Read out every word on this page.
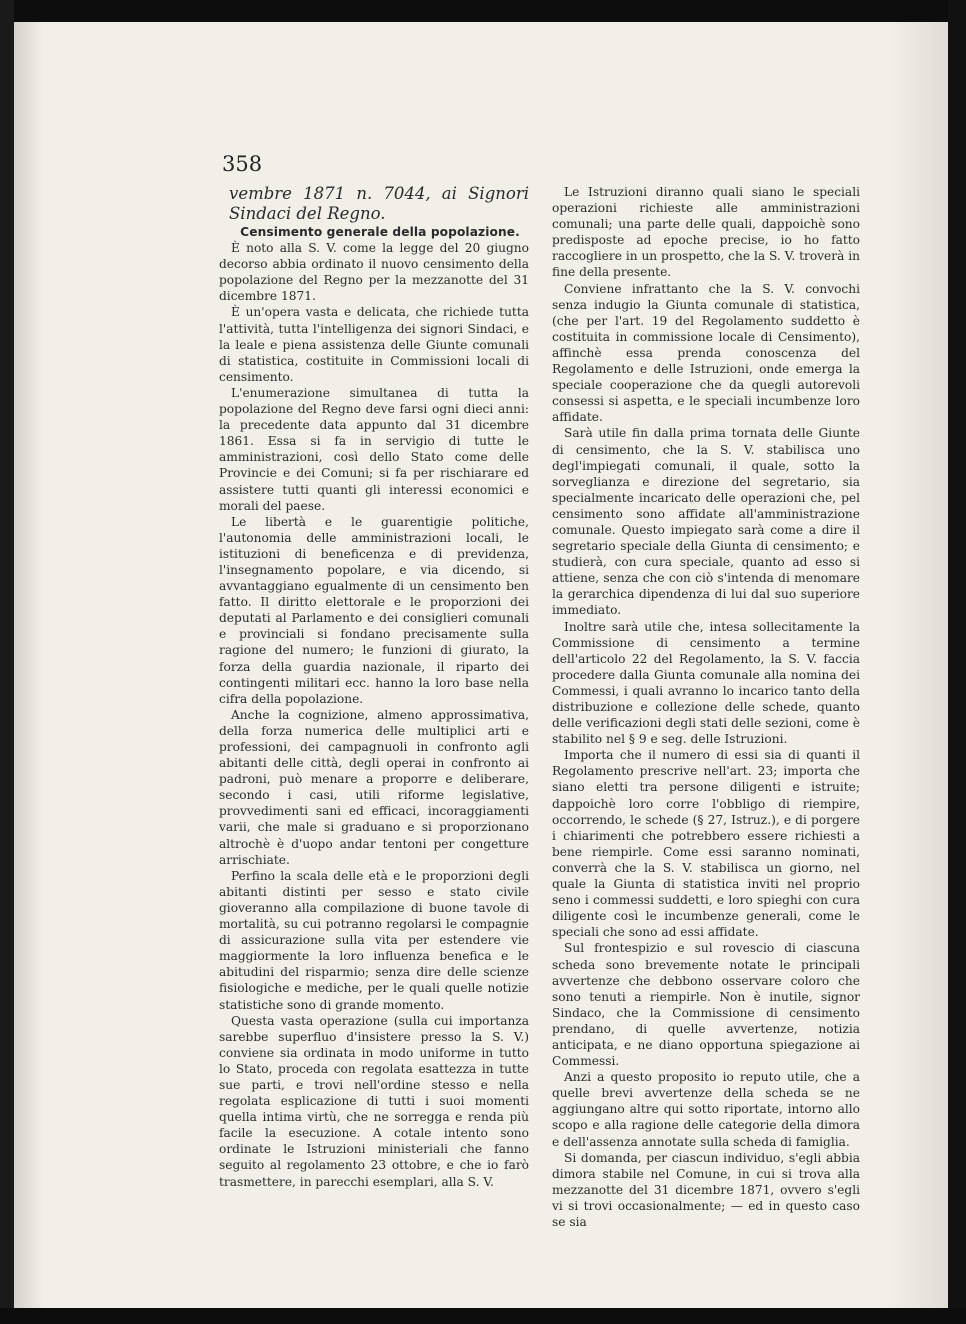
358

vembre 1871 n. 7044, ai Signori Sindaci del Regno.

Censimento generale della popolazione.

È noto alla S. V. come la legge del 20 giugno decorso abbia ordinato il nuovo censimento della popolazione del Regno per la mezzanotte del 31 dicembre 1871.

È un'opera vasta e delicata, che richiede tutta l'attività, tutta l'intelligenza dei signori Sindaci, e la leale e piena assistenza delle Giunte comunali di statistica, costituite in Commissioni locali di censimento.

L'enumerazione simultanea di tutta la popolazione del Regno deve farsi ogni dieci anni: la precedente data appunto dal 31 dicembre 1861. Essa si fa in servigio di tutte le amministrazioni, così dello Stato come delle Provincie e dei Comuni; si fa per rischiarare ed assistere tutti quanti gli interessi economici e morali del paese.

Le libertà e le guarentigie politiche, l'autonomia delle amministrazioni locali, le istituzioni di beneficenza e di previdenza, l'insegnamento popolare, e via dicendo, si avvantaggiano egualmente di un censimento ben fatto. Il diritto elettorale e le proporzioni dei deputati al Parlamento e dei consiglieri comunali e provinciali si fondano precisamente sulla ragione del numero; le funzioni di giurato, la forza della guardia nazionale, il riparto dei contingenti militari ecc. hanno la loro base nella cifra della popolazione.

Anche la cognizione, almeno approssimativa, della forza numerica delle multiplici arti e professioni, dei campagnuoli in confronto agli abitanti delle città, degli operai in confronto ai padroni, può menare a proporre e deliberare, secondo i casi, utili riforme legislative, provvedimenti sani ed efficaci, incoraggiamenti varii, che male si graduano e si proporzionano altrochè è d'uopo andar tentoni per congetture arrischiate.

Perfino la scala delle età e le proporzioni degli abitanti distinti per sesso e stato civile gioveranno alla compilazione di buone tavole di mortalità, su cui potranno regolarsi le compagnie di assicurazione sulla vita per estendere vie maggiormente la loro influenza benefica e le abitudini del risparmio; senza dire delle scienze fisiologiche e mediche, per le quali quelle notizie statistiche sono di grande momento.

Questa vasta operazione (sulla cui importanza sarebbe superfluo d'insistere presso la S. V.) conviene sia ordinata in modo uniforme in tutto lo Stato, proceda con regolata esattezza in tutte sue parti, e trovi nell'ordine stesso e nella regolata esplicazione di tutti i suoi momenti quella intima virtù, che ne sorregga e renda più facile la esecuzione. A cotale intento sono ordinate le Istruzioni ministeriali che fanno seguito al regolamento 23 ottobre, e che io farò trasmettere, in parecchi esemplari, alla S. V.

Le Istruzioni diranno quali siano le speciali operazioni richieste alle amministrazioni comunali; una parte delle quali, dappoichè sono predisposte ad epoche precise, io ho fatto raccogliere in un prospetto, che la S. V. troverà in fine della presente.

Conviene infrattanto che la S. V. convochi senza indugio la Giunta comunale di statistica, (che per l'art. 19 del Regolamento suddetto è costituita in commissione locale di Censimento), affinchè essa prenda conoscenza del Regolamento e delle Istruzioni, onde emerga la speciale cooperazione che da quegli autorevoli consessi si aspetta, e le speciali incumbenze loro affidate.

Sarà utile fin dalla prima tornata delle Giunte di censimento, che la S. V. stabilisca uno degl'impiegati comunali, il quale, sotto la sorveglianza e direzione del segretario, sia specialmente incaricato delle operazioni che, pel censimento sono affidate all'amministrazione comunale. Questo impiegato sarà come a dire il segretario speciale della Giunta di censimento; e studierà, con cura speciale, quanto ad esso si attiene, senza che con ciò s'intenda di menomare la gerarchica dipendenza di lui dal suo superiore immediato.

Inoltre sarà utile che, intesa sollecitamente la Commissione di censimento a termine dell'articolo 22 del Regolamento, la S. V. faccia procedere dalla Giunta comunale alla nomina dei Commessi, i quali avranno lo incarico tanto della distribuzione e collezione delle schede, quanto delle verificazioni degli stati delle sezioni, come è stabilito nel § 9 e seg. delle Istruzioni.

Importa che il numero di essi sia di quanti il Regolamento prescrive nell'art. 23; importa che siano eletti tra persone diligenti e istruite; dappoichè loro corre l'obbligo di riempire, occorrendo, le schede (§ 27, Istruz.), e di porgere i chiarimenti che potrebbero essere richiesti a bene riempirle. Come essi saranno nominati, converrà che la S. V. stabilisca un giorno, nel quale la Giunta di statistica inviti nel proprio seno i commessi suddetti, e loro spieghi con cura diligente così le incumbenze generali, come le speciali che sono ad essi affidate.

Sul frontespizio e sul rovescio di ciascuna scheda sono brevemente notate le principali avvertenze che debbono osservare coloro che sono tenuti a riempirle. Non è inutile, signor Sindaco, che la Commissione di censimento prendano, di quelle avvertenze, notizia anticipata, e ne diano opportuna spiegazione ai Commessi.

Anzi a questo proposito io reputo utile, che a quelle brevi avvertenze della scheda se ne aggiungano altre qui sotto riportate, intorno allo scopo e alla ragione delle categorie della dimora e dell'assenza annotate sulla scheda di famiglia.

Si domanda, per ciascun individuo, s'egli abbia dimora stabile nel Comune, in cui si trova alla mezzanotte del 31 dicembre 1871, ovvero s'egli vi si trovi occasionalmente; — ed in questo caso se sia
